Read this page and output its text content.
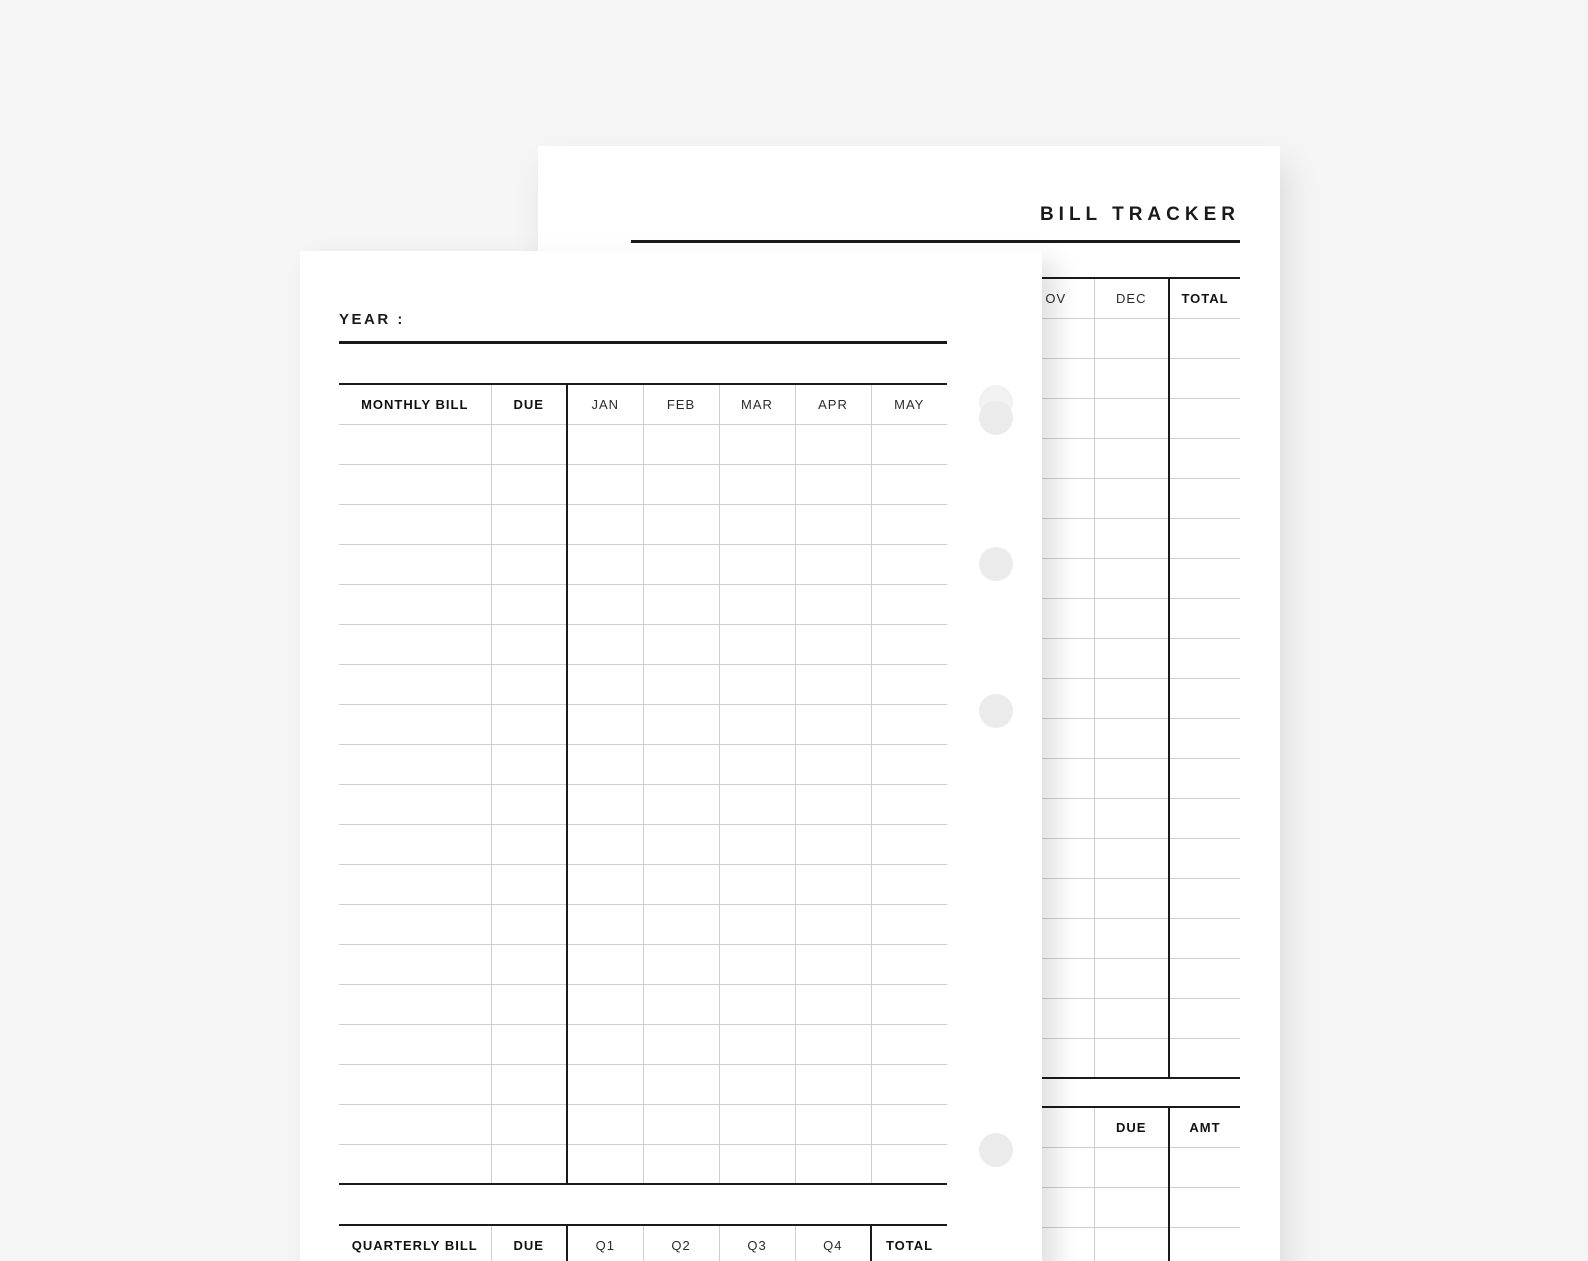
BILL TRACKER
OV	DEC	TOTAL

	DUE	AMT

YEAR :
MONTHLY BILL	DUE	JAN	FEB	MAR	APR	MAY

QUARTERLY BILL	DUE	Q1	Q2	Q3	Q4	TOTAL
